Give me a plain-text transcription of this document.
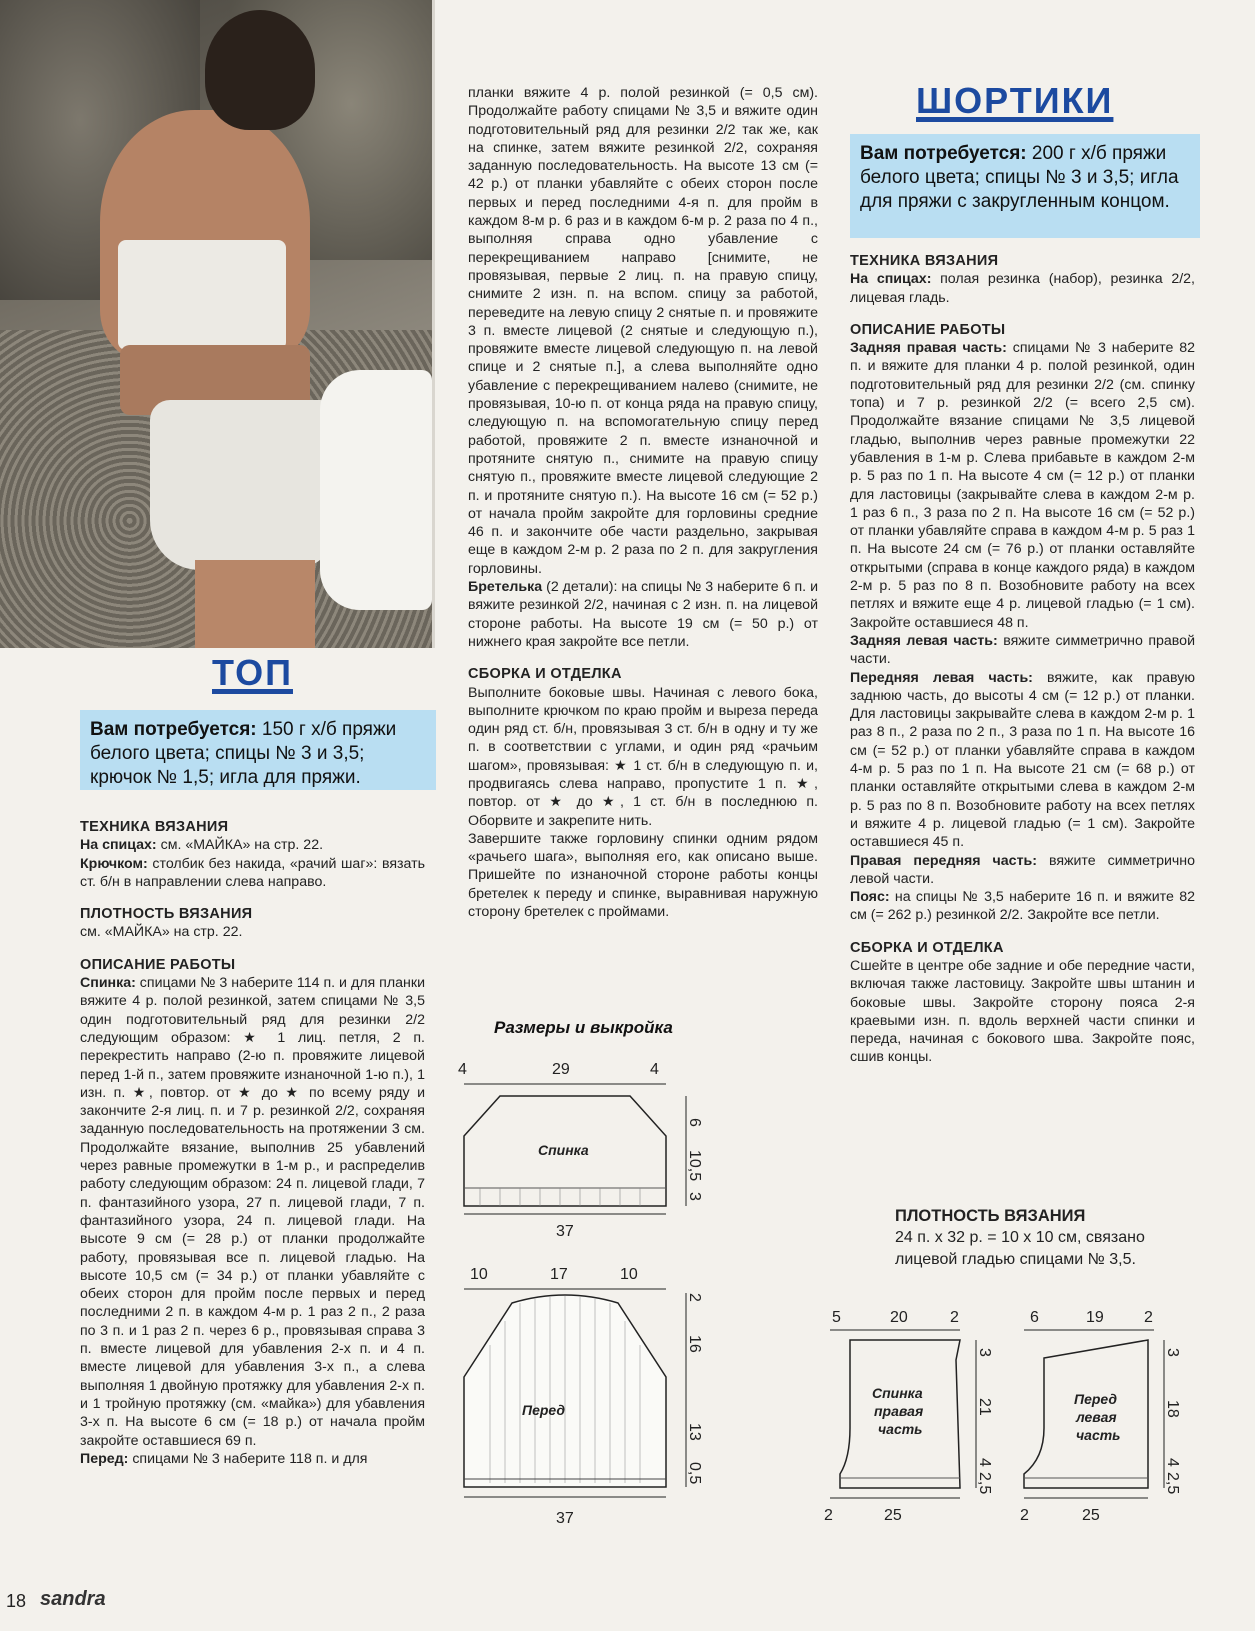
ТОП
Вам потребуется: 150 г х/б пряжи белого цвета; спицы № 3 и 3,5; крючок № 1,5; игла для пряжи.
ТЕХНИКА ВЯЗАНИЯ

На спицах: см. «МАЙКА» на стр. 22.

Крючком: столбик без накида, «рачий шаг»: вязать ст. б/н в направлении слева направо.

ПЛОТНОСТЬ ВЯЗАНИЯ

см. «МАЙКА» на стр. 22.

ОПИСАНИЕ РАБОТЫ

Спинка: спицами № 3 наберите 114 п. и для планки вяжите 4 р. полой резинкой, затем спицами № 3,5 один подготовительный ряд для резинки 2/2 следующим образом: ★ 1 лиц. петля, 2 п. перекрестить направо (2-ю п. провяжите лицевой перед 1-й п., затем провяжите изнаночной 1-ю п.), 1 изн. п. ★, повтор. от ★ до ★ по всему ряду и закончите 2-я лиц. п. и 7 р. резинкой 2/2, сохраняя заданную последовательность на протяжении 3 см. Продолжайте вязание, выполнив 25 убавлений через равные промежутки в 1-м р., и распределив работу следующим образом: 24 п. лицевой глади, 7 п. фантазийного узора, 27 п. лицевой глади, 7 п. фантазийного узора, 24 п. лицевой глади. На высоте 9 см (= 28 р.) от планки продолжайте работу, провязывая все п. лицевой гладью. На высоте 10,5 см (= 34 р.) от планки убавляйте с обеих сторон для пройм после первых и перед последними 2 п. в каждом 4-м р. 1 раз 2 п., 2 раза по 3 п. и 1 раз 2 п. через 6 р., провязывая справа 3 п. вместе лицевой для убавления 2-х п. и 4 п. вместе лицевой для убавления 3-х п., а слева выполняя 1 двойную протяжку для убавления 2-х п. и 1 тройную протяжку (см. «майка») для убавления 3-х п. На высоте 6 см (= 18 р.) от начала пройм закройте оставшиеся 69 п.

Перед: спицами № 3 наберите 118 п. и для

планки вяжите 4 р. полой резинкой (= 0,5 см). Продолжайте работу спицами № 3,5 и вяжите один подготовительный ряд для резинки 2/2 так же, как на спинке, затем вяжите резинкой 2/2, сохраняя заданную последовательность. На высоте 13 см (= 42 р.) от планки убавляйте с обеих сторон после первых и перед последними 4-я п. для пройм в каждом 8-м р. 6 раз и в каждом 6-м р. 2 раза по 4 п., выполняя справа одно убавление с перекрещиванием направо [снимите, не провязывая, первые 2 лиц. п. на правую спицу, снимите 2 изн. п. на вспом. спицу за работой, переведите на левую спицу 2 снятые п. и провяжите 3 п. вместе лицевой (2 снятые и следующую п.), провяжите вместе лицевой следующую п. на левой спице и 2 снятые п.], а слева выполняйте одно убавление с перекрещиванием налево (снимите, не провязывая, 10-ю п. от конца ряда на правую спицу, следующую п. на вспомогательную спицу перед работой, провяжите 2 п. вместе изнаночной и протяните снятую п., снимите на правую спицу снятую п., провяжите вместе лицевой следующие 2 п. и протяните снятую п.). На высоте 16 см (= 52 р.) от начала пройм закройте для горловины средние 46 п. и закончите обе части раздельно, закрывая еще в каждом 2-м р. 2 раза по 2 п. для закругления горловины.

Бретелька (2 детали): на спицы № 3 наберите 6 п. и вяжите резинкой 2/2, начиная с 2 изн. п. на лицевой стороне работы. На высоте 19 см (= 50 р.) от нижнего края закройте все петли.

СБОРКА И ОТДЕЛКА

Выполните боковые швы. Начиная с левого бока, выполните крючком по краю пройм и выреза переда один ряд ст. б/н, провязывая 3 ст. б/н в одну и ту же п. в соответствии с углами, и один ряд «рачьим шагом», провязывая: ★ 1 ст. б/н в следующую п. и, продвигаясь слева направо, пропустите 1 п. ★, повтор. от ★ до ★, 1 ст. б/н в последнюю п. Оборвите и закрепите нить.

Завершите также горловину спинки одним рядом «рачьего шага», выполняя его, как описано выше. Пришейте по изнаночной стороне работы концы бретелек к переду и спинке, выравнивая наружную сторону бретелек с проймами.

Размеры и выкройка
4	29	4
Спинка
6
10,5
3
37
10	17	10
Перед
2
16
13
0,5
37
ШОРТИКИ
Вам потребуется: 200 г х/б пряжи белого цвета; спицы № 3 и 3,5; игла для пряжи с закругленным концом.
ТЕХНИКА ВЯЗАНИЯ

На спицах: полая резинка (набор), резинка 2/2, лицевая гладь.

ОПИСАНИЕ РАБОТЫ

Задняя правая часть: спицами № 3 наберите 82 п. и вяжите для планки 4 р. полой резинкой, один подготовительный ряд для резинки 2/2 (см. спинку топа) и 7 р. резинкой 2/2 (= всего 2,5 см). Продолжайте вязание спицами № 3,5 лицевой гладью, выполнив через равные промежутки 22 убавления в 1-м р. Слева прибавьте в каждом 2-м р. 5 раз по 1 п. На высоте 4 см (= 12 р.) от планки для ластовицы (закрывайте слева в каждом 2-м р. 1 раз 6 п., 3 раза по 2 п. На высоте 16 см (= 52 р.) от планки убавляйте справа в каждом 4-м р. 5 раз 1 п. На высоте 24 см (= 76 р.) от планки оставляйте открытыми (справа в конце каждого ряда) в каждом 2-м р. 5 раз по 8 п. Возобновите работу на всех петлях и вяжите еще 4 р. лицевой гладью (= 1 см). Закройте оставшиеся 48 п.

Задняя левая часть: вяжите симметрично правой части.

Передняя левая часть: вяжите, как правую заднюю часть, до высоты 4 см (= 12 р.) от планки. Для ластовицы закрывайте слева в каждом 2-м р. 1 раз 8 п., 2 раза по 2 п., 3 раза по 1 п. На высоте 16 см (= 52 р.) от планки убавляйте справа в каждом 4-м р. 5 раз по 1 п. На высоте 21 см (= 68 р.) от планки оставляйте открытыми слева в каждом 2-м р. 5 раз по 8 п. Возобновите работу на всех петлях и вяжите 4 р. лицевой гладью (= 1 см). Закройте оставшиеся 45 п.

Правая передняя часть: вяжите симметрично левой части.

Пояс: на спицы № 3,5 наберите 16 п. и вяжите 82 см (= 262 р.) резинкой 2/2. Закройте все петли.

СБОРКА И ОТДЕЛКА

Сшейте в центре обе задние и обе передние части, включая также ластовицу. Закройте швы штанин и боковые швы. Закройте сторону пояса 2-я краевыми изн. п. вдоль верхней части спинки и переда, начиная с бокового шва. Закройте пояс, сшив концы.

ПЛОТНОСТЬ ВЯЗАНИЯ
24 п. х 32 р. = 10 х 10 см, связано лицевой гладью спицами № 3,5.
5	20	2
Спинка
правая
часть
3
21
4
2,5
2	25
6	19	2
Перед
левая
часть
3
18
4
2,5
2	25
18 sandra
